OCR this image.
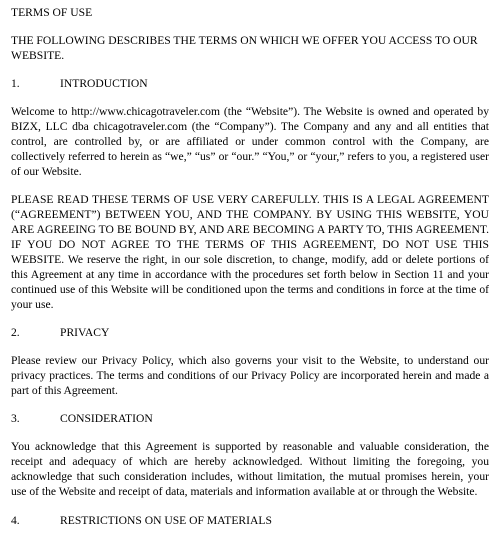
TERMS OF USE

THE FOLLOWING DESCRIBES THE TERMS ON WHICH WE OFFER YOU ACCESS TO OUR WEBSITE.

1.	INTRODUCTION

Welcome to http://www.chicagotraveler.com (the “Website”). The Website is owned and operated by BIZX, LLC dba chicagotraveler.com (the “Company”). The Company and any and all entities that control, are controlled by, or are affiliated or under common control with the Company, are collectively referred to herein as “we,” “us” or “our.” “You,” or “your,” refers to you, a registered user of our Website.

PLEASE READ THESE TERMS OF USE VERY CAREFULLY. THIS IS A LEGAL AGREEMENT (“AGREEMENT”) BETWEEN YOU, AND THE COMPANY. BY USING THIS WEBSITE, YOU ARE AGREEING TO BE BOUND BY, AND ARE BECOMING A PARTY TO, THIS AGREEMENT. IF YOU DO NOT AGREE TO THE TERMS OF THIS AGREEMENT, DO NOT USE THIS WEBSITE. We reserve the right, in our sole discretion, to change, modify, add or delete portions of this Agreement at any time in accordance with the procedures set forth below in Section 11 and your continued use of this Website will be conditioned upon the terms and conditions in force at the time of your use.

2.	PRIVACY

Please review our Privacy Policy, which also governs your visit to the Website, to understand our privacy practices. The terms and conditions of our Privacy Policy are incorporated herein and made a part of this Agreement.

3.	CONSIDERATION

You acknowledge that this Agreement is supported by reasonable and valuable consideration, the receipt and adequacy of which are hereby acknowledged. Without limiting the foregoing, you acknowledge that such consideration includes, without limitation, the mutual promises herein, your use of the Website and receipt of data, materials and information available at or through the Website.

4.	RESTRICTIONS ON USE OF MATERIALS
